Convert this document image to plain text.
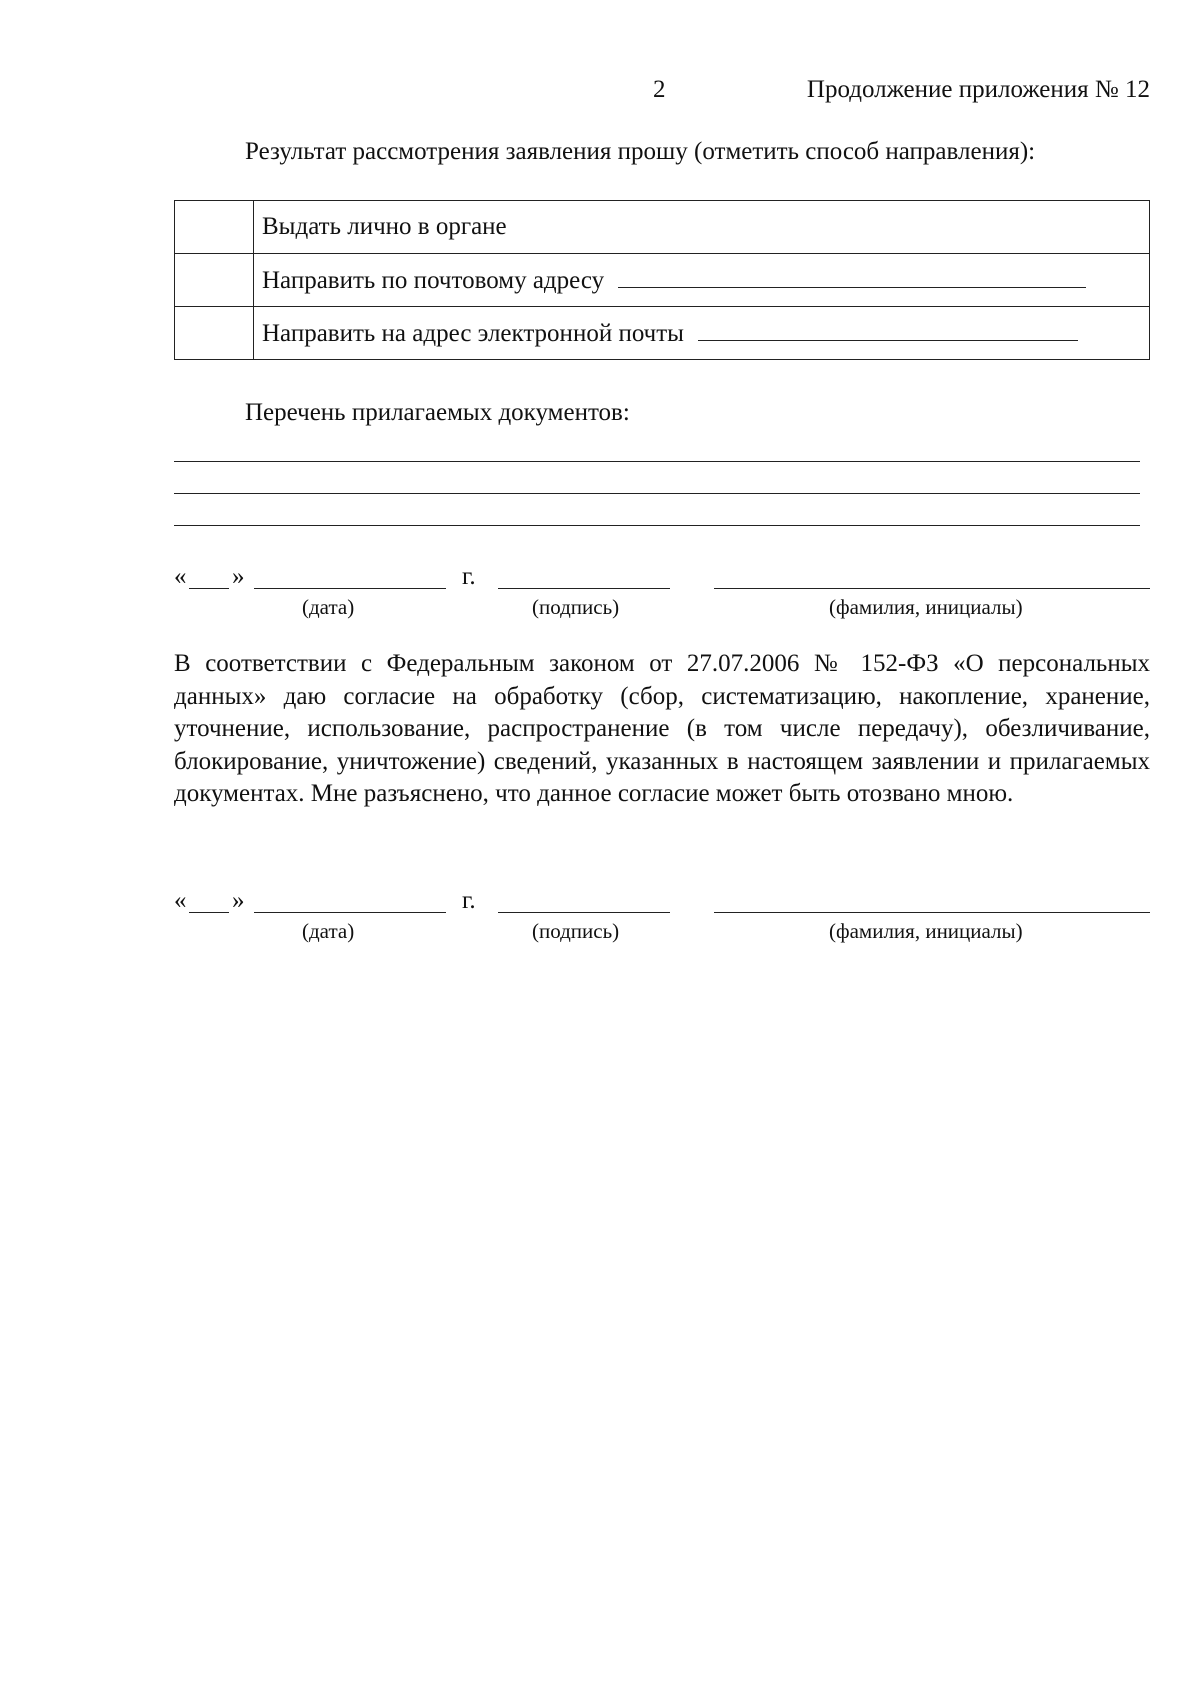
2	Продолжение приложения № 12
Результат рассмотрения заявления прошу (отметить способ направления):
	Выдать лично в органе
	Направить по почтовому адресу
	Направить на адрес электронной почты
Перечень прилагаемых документов:
« »	г.
(дата)	(подпись)	(фамилия, инициалы)
В соответствии с Федеральным законом от 27.07.2006 № 152-ФЗ «О персональных данных» даю согласие на обработку (сбор, систематизацию, накопление, хранение, уточнение, использование, распространение (в том числе передачу), обезличивание, блокирование, уничтожение) сведений, указанных в настоящем заявлении и прилагаемых документах. Мне разъяснено, что данное согласие может быть отозвано мною.
« »	г.
(дата)	(подпись)	(фамилия, инициалы)
